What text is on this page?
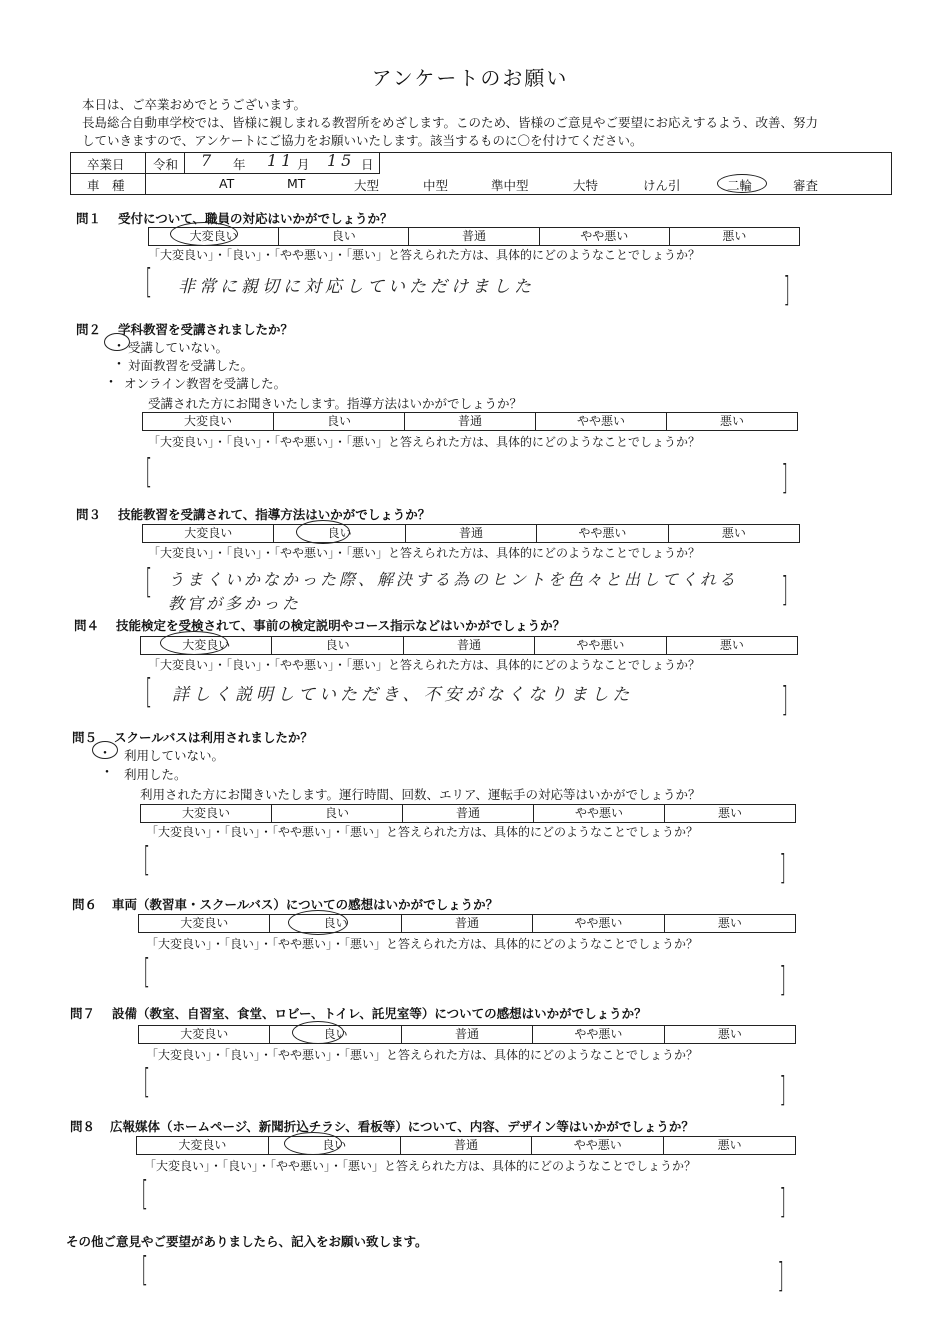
アンケートのお願い
本日は、ご卒業おめでとうございます。
長島総合自動車学校では、皆様に親しまれる教習所をめざします。このため、皆様のご意見やご要望にお応えするよう、改善、努力
していきますので、アンケートにご協力をお願いいたします。該当するものに〇を付けてください。
卒業日 令和 7 年 11 月 15 日
車　種	AT	MT	大型	中型	準中型	大特	けん引	二輪	審査
問１ 受付について、職員の対応はいかがでしょうか？
大変良い	良い	普通	やや悪い	悪い
「大変良い」・「良い」・「やや悪い」・「悪い」と答えられた方は、具体的にどのようなことでしょうか？
[	]
非常に親切に対応していただけました
問２ 学科教習を受講されましたか？
・ 受講していない。
・ 対面教習を受講した。
・ オンライン教習を受講した。
受講された方にお聞きいたします。指導方法はいかがでしょうか？
大変良い	良い	普通	やや悪い	悪い
「大変良い」・「良い」・「やや悪い」・「悪い」と答えられた方は、具体的にどのようなことでしょうか？
[	]
問３ 技能教習を受講されて、指導方法はいかがでしょうか？
大変良い	良い	普通	やや悪い	悪い
「大変良い」・「良い」・「やや悪い」・「悪い」と答えられた方は、具体的にどのようなことでしょうか？
[	]
うまくいかなかった際、解決する為のヒントを色々と出してくれる
教官が多かった
問４ 技能検定を受検されて、事前の検定説明やコース指示などはいかがでしょうか？
大変良い	良い	普通	やや悪い	悪い
「大変良い」・「良い」・「やや悪い」・「悪い」と答えられた方は、具体的にどのようなことでしょうか？
[	]
詳しく説明していただき、不安がなくなりました
問５ スクールバスは利用されましたか？
・ 利用していない。
・ 利用した。
利用された方にお聞きいたします。運行時間、回数、エリア、運転手の対応等はいかがでしょうか？
大変良い	良い	普通	やや悪い	悪い
「大変良い」・「良い」・「やや悪い」・「悪い」と答えられた方は、具体的にどのようなことでしょうか？
[	]
問６ 車両（教習車・スクールバス）についての感想はいかがでしょうか？
大変良い	良い	普通	やや悪い	悪い
「大変良い」・「良い」・「やや悪い」・「悪い」と答えられた方は、具体的にどのようなことでしょうか？
[	]
問７ 設備（教室、自習室、食堂、ロビー、トイレ、託児室等）についての感想はいかがでしょうか？
大変良い	良い	普通	やや悪い	悪い
「大変良い」・「良い」・「やや悪い」・「悪い」と答えられた方は、具体的にどのようなことでしょうか？
[	]
問８ 広報媒体（ホームページ、新聞折込チラシ、看板等）について、内容、デザイン等はいかがでしょうか？
大変良い	良い	普通	やや悪い	悪い
「大変良い」・「良い」・「やや悪い」・「悪い」と答えられた方は、具体的にどのようなことでしょうか？
[	]
その他ご意見やご要望がありましたら、記入をお願い致します。
[	]
